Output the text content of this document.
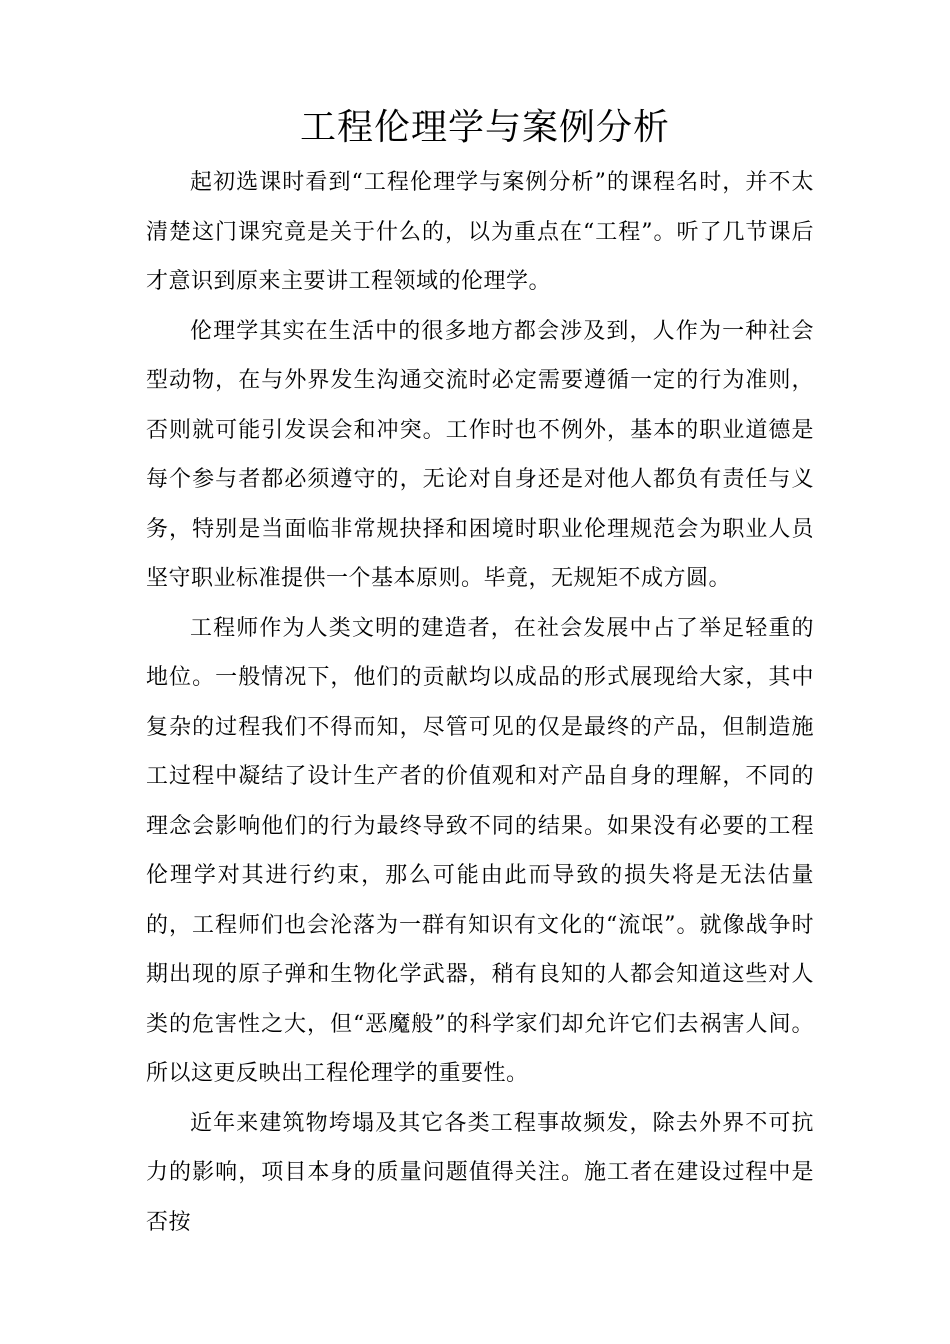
工程伦理学与案例分析

起初选课时看到“工程伦理学与案例分析”的课程名时，并不太清楚这门课究竟是关于什么的，以为重点在“工程”。听了几节课后才意识到原来主要讲工程领域的伦理学。

伦理学其实在生活中的很多地方都会涉及到，人作为一种社会型动物，在与外界发生沟通交流时必定需要遵循一定的行为准则，否则就可能引发误会和冲突。工作时也不例外，基本的职业道德是每个参与者都必须遵守的，无论对自身还是对他人都负有责任与义务，特别是当面临非常规抉择和困境时职业伦理规范会为职业人员坚守职业标准提供一个基本原则。毕竟，无规矩不成方圆。

工程师作为人类文明的建造者，在社会发展中占了举足轻重的地位。一般情况下，他们的贡献均以成品的形式展现给大家，其中复杂的过程我们不得而知，尽管可见的仅是最终的产品，但制造施工过程中凝结了设计生产者的价值观和对产品自身的理解，不同的理念会影响他们的行为最终导致不同的结果。如果没有必要的工程伦理学对其进行约束，那么可能由此而导致的损失将是无法估量的，工程师们也会沦落为一群有知识有文化的“流氓”。就像战争时期出现的原子弹和生物化学武器，稍有良知的人都会知道这些对人类的危害性之大，但“恶魔般”的科学家们却允许它们去祸害人间。所以这更反映出工程伦理学的重要性。

近年来建筑物垮塌及其它各类工程事故频发，除去外界不可抗力的影响，项目本身的质量问题值得关注。施工者在建设过程中是否按
